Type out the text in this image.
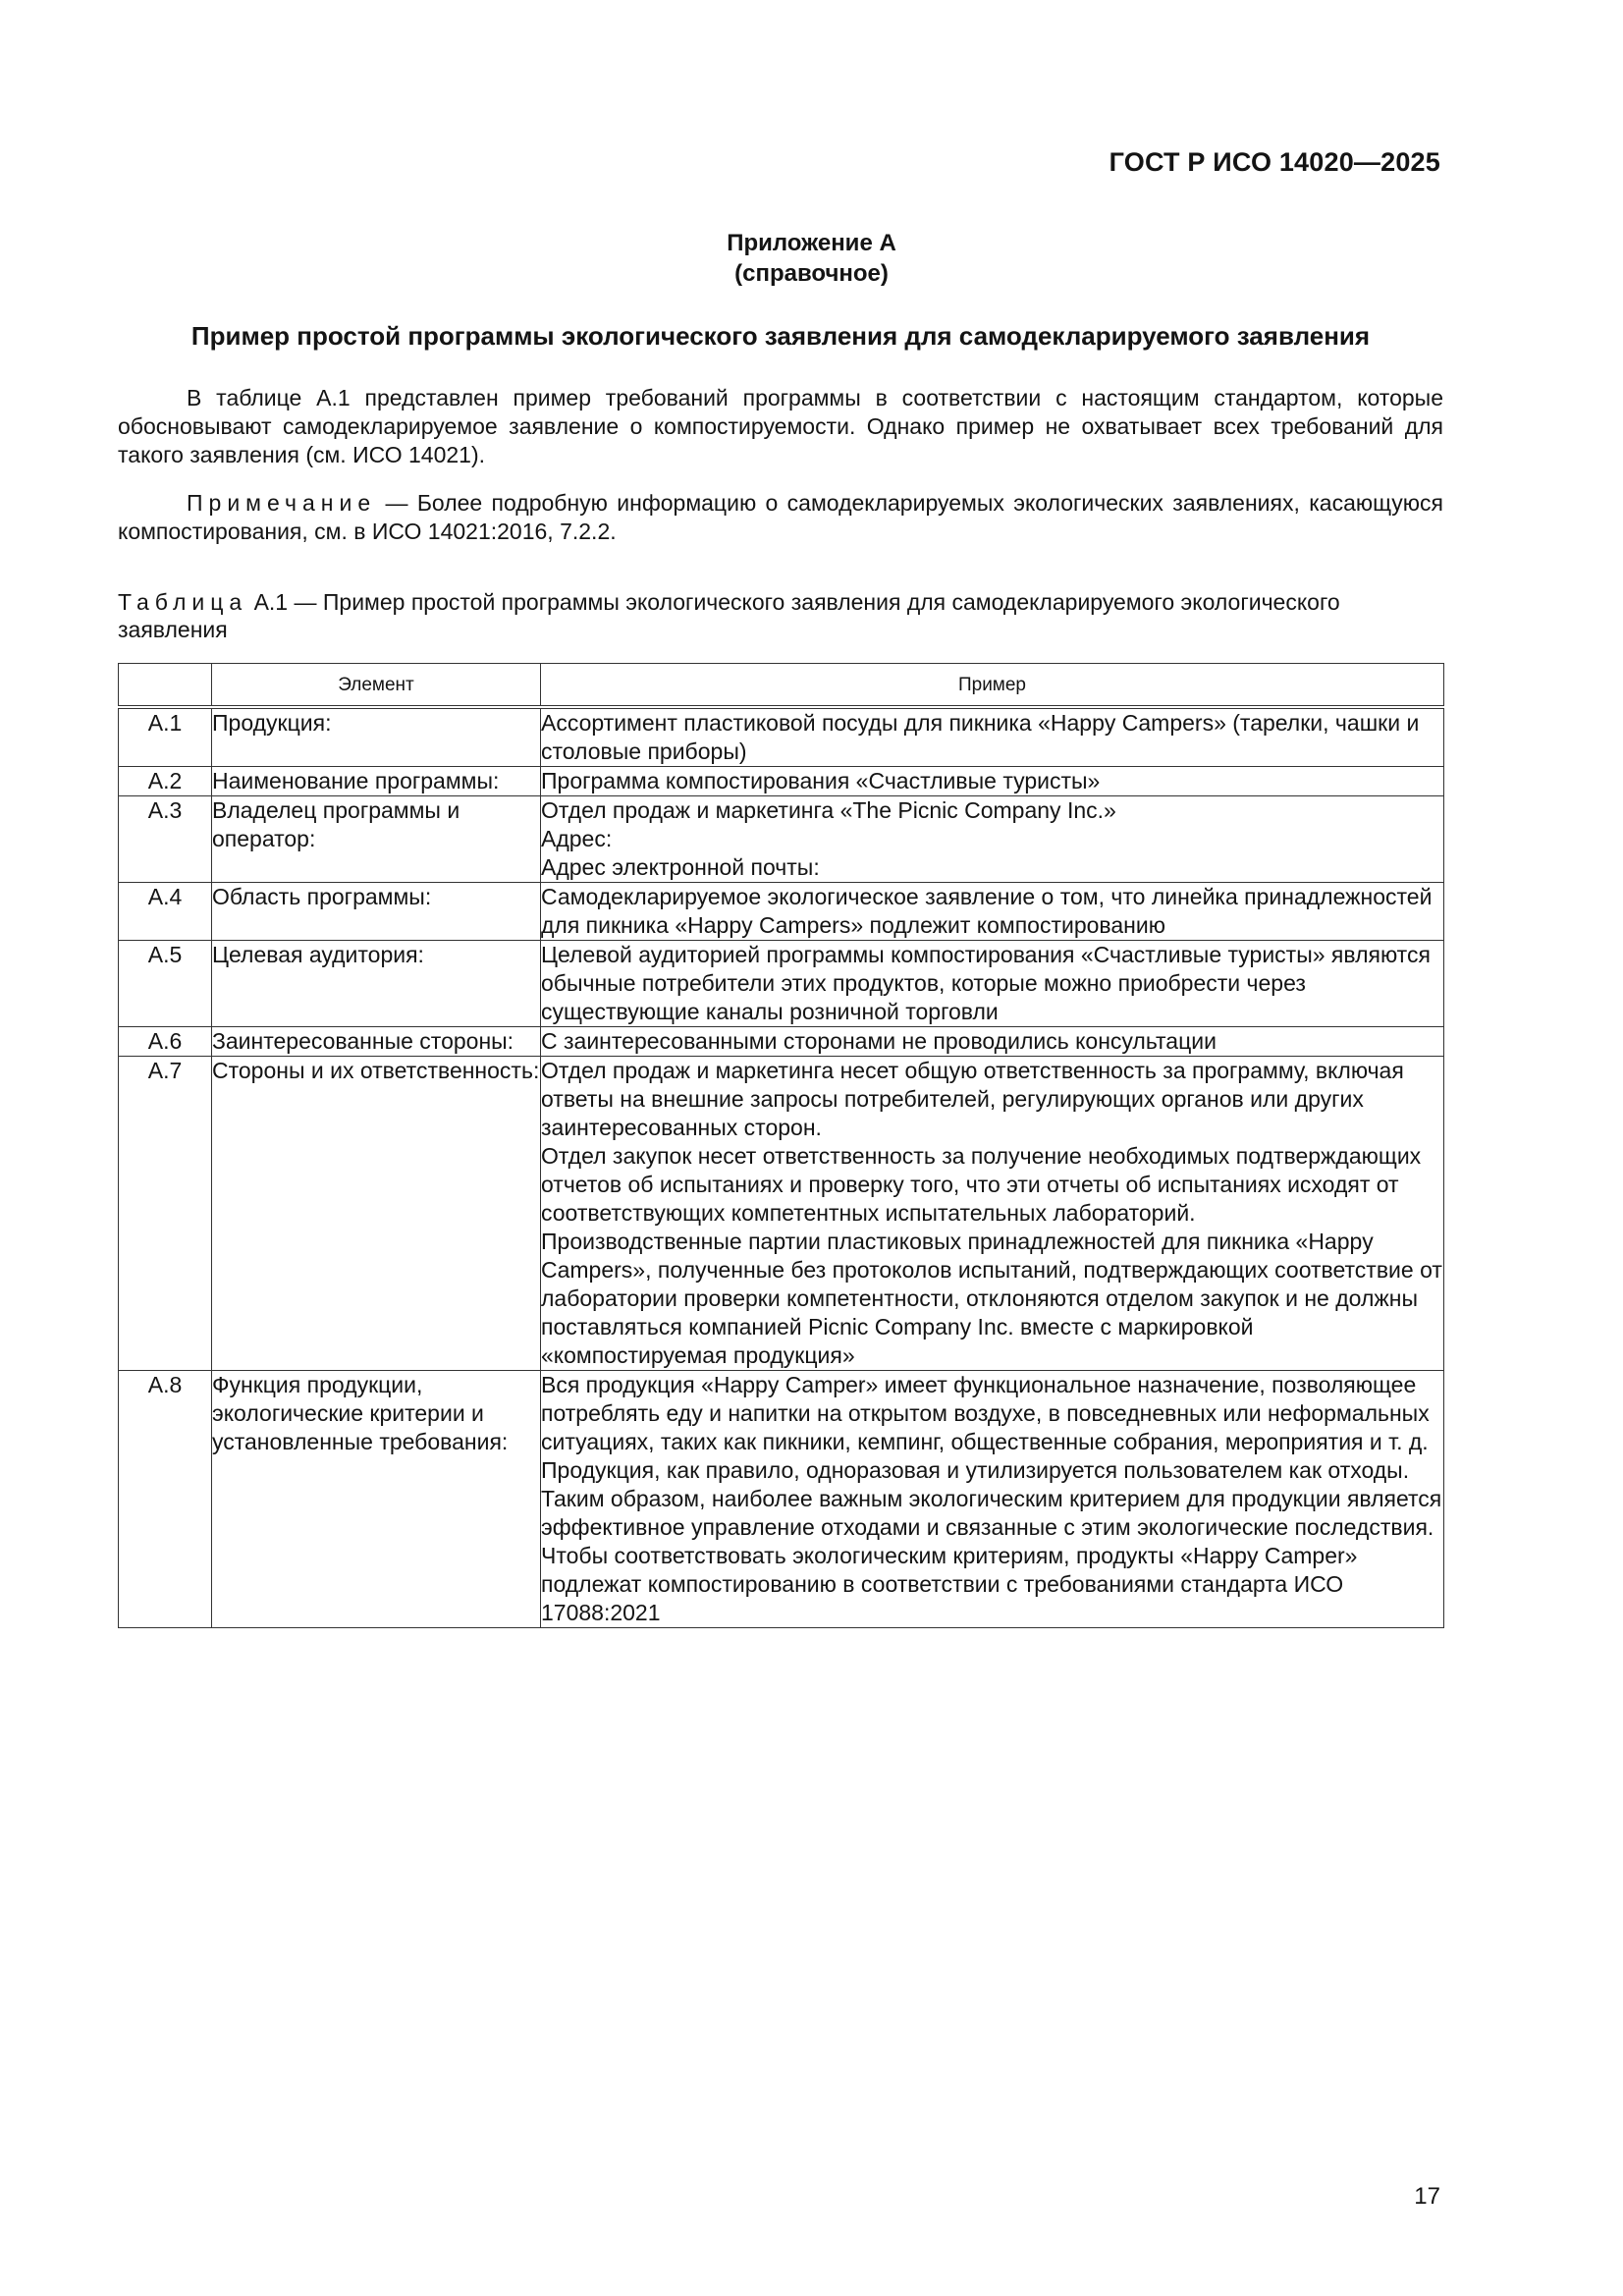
ГОСТ Р ИСО 14020—2025
Приложение А
(справочное)
Пример простой программы экологического заявления для самодекларируемого заявления
В таблице А.1 представлен пример требований программы в соответствии с настоящим стандартом, которые обосновывают самодекларируемое заявление о компостируемости. Однако пример не охватывает всех требований для такого заявления (см. ИСО 14021).
Примечание — Более подробную информацию о самодекларируемых экологических заявлениях, касающуюся компостирования, см. в ИСО 14021:2016, 7.2.2.
Таблица А.1 — Пример простой программы экологического заявления для самодекларируемого экологического заявления
	Элемент	Пример
А.1	Продукция:	Ассортимент пластиковой посуды для пикника «Happy Campers» (тарелки, чашки и столовые приборы)

А.2	Наименование программы:	Программа компостирования «Счастливые туристы»

А.3	Владелец программы и оператор:	Отдел продаж и маркетинга «The Picnic Company Inc.»
Адрес:
Адрес электронной почты:

А.4	Область программы:	Самодекларируемое экологическое заявление о том, что линейка принадлежностей для пикника «Happy Campers» подлежит компостированию

А.5	Целевая аудитория:	Целевой аудиторией программы компостирования «Счастливые туристы» являются обычные потребители этих продуктов, которые можно приобрести через существующие каналы розничной торговли

А.6	Заинтересованные стороны:	С заинтересованными сторонами не проводились консультации

А.7	Стороны и их ответственность:	Отдел продаж и маркетинга несет общую ответственность за программу, включая ответы на внешние запросы потребителей, регулирующих органов или других заинтересованных сторон.
Отдел закупок несет ответственность за получение необходимых подтверждающих отчетов об испытаниях и проверку того, что эти отчеты об испытаниях исходят от соответствующих компетентных испытательных лабораторий.
Производственные партии пластиковых принадлежностей для пикника «Happy Campers», полученные без протоколов испытаний, подтверждающих соответствие от лаборатории проверки компетентности, отклоняются отделом закупок и не должны поставляться компанией Picnic Company Inc. вместе с маркировкой «компостируемая продукция»

А.8	Функция продукции, экологические критерии и установленные требования:	Вся продукция «Happy Camper» имеет функциональное назначение, позволяющее потреблять еду и напитки на открытом воздухе, в повседневных или неформальных ситуациях, таких как пикники, кемпинг, общественные собрания, мероприятия и т. д. Продукция, как правило, одноразовая и утилизируется пользователем как отходы. Таким образом, наиболее важным экологическим критерием для продукции является эффективное управление отходами и связанные с этим экологические последствия. Чтобы соответствовать экологическим критериям, продукты «Happy Camper» подлежат компостированию в соответствии с требованиями стандарта ИСО 17088:2021
17
